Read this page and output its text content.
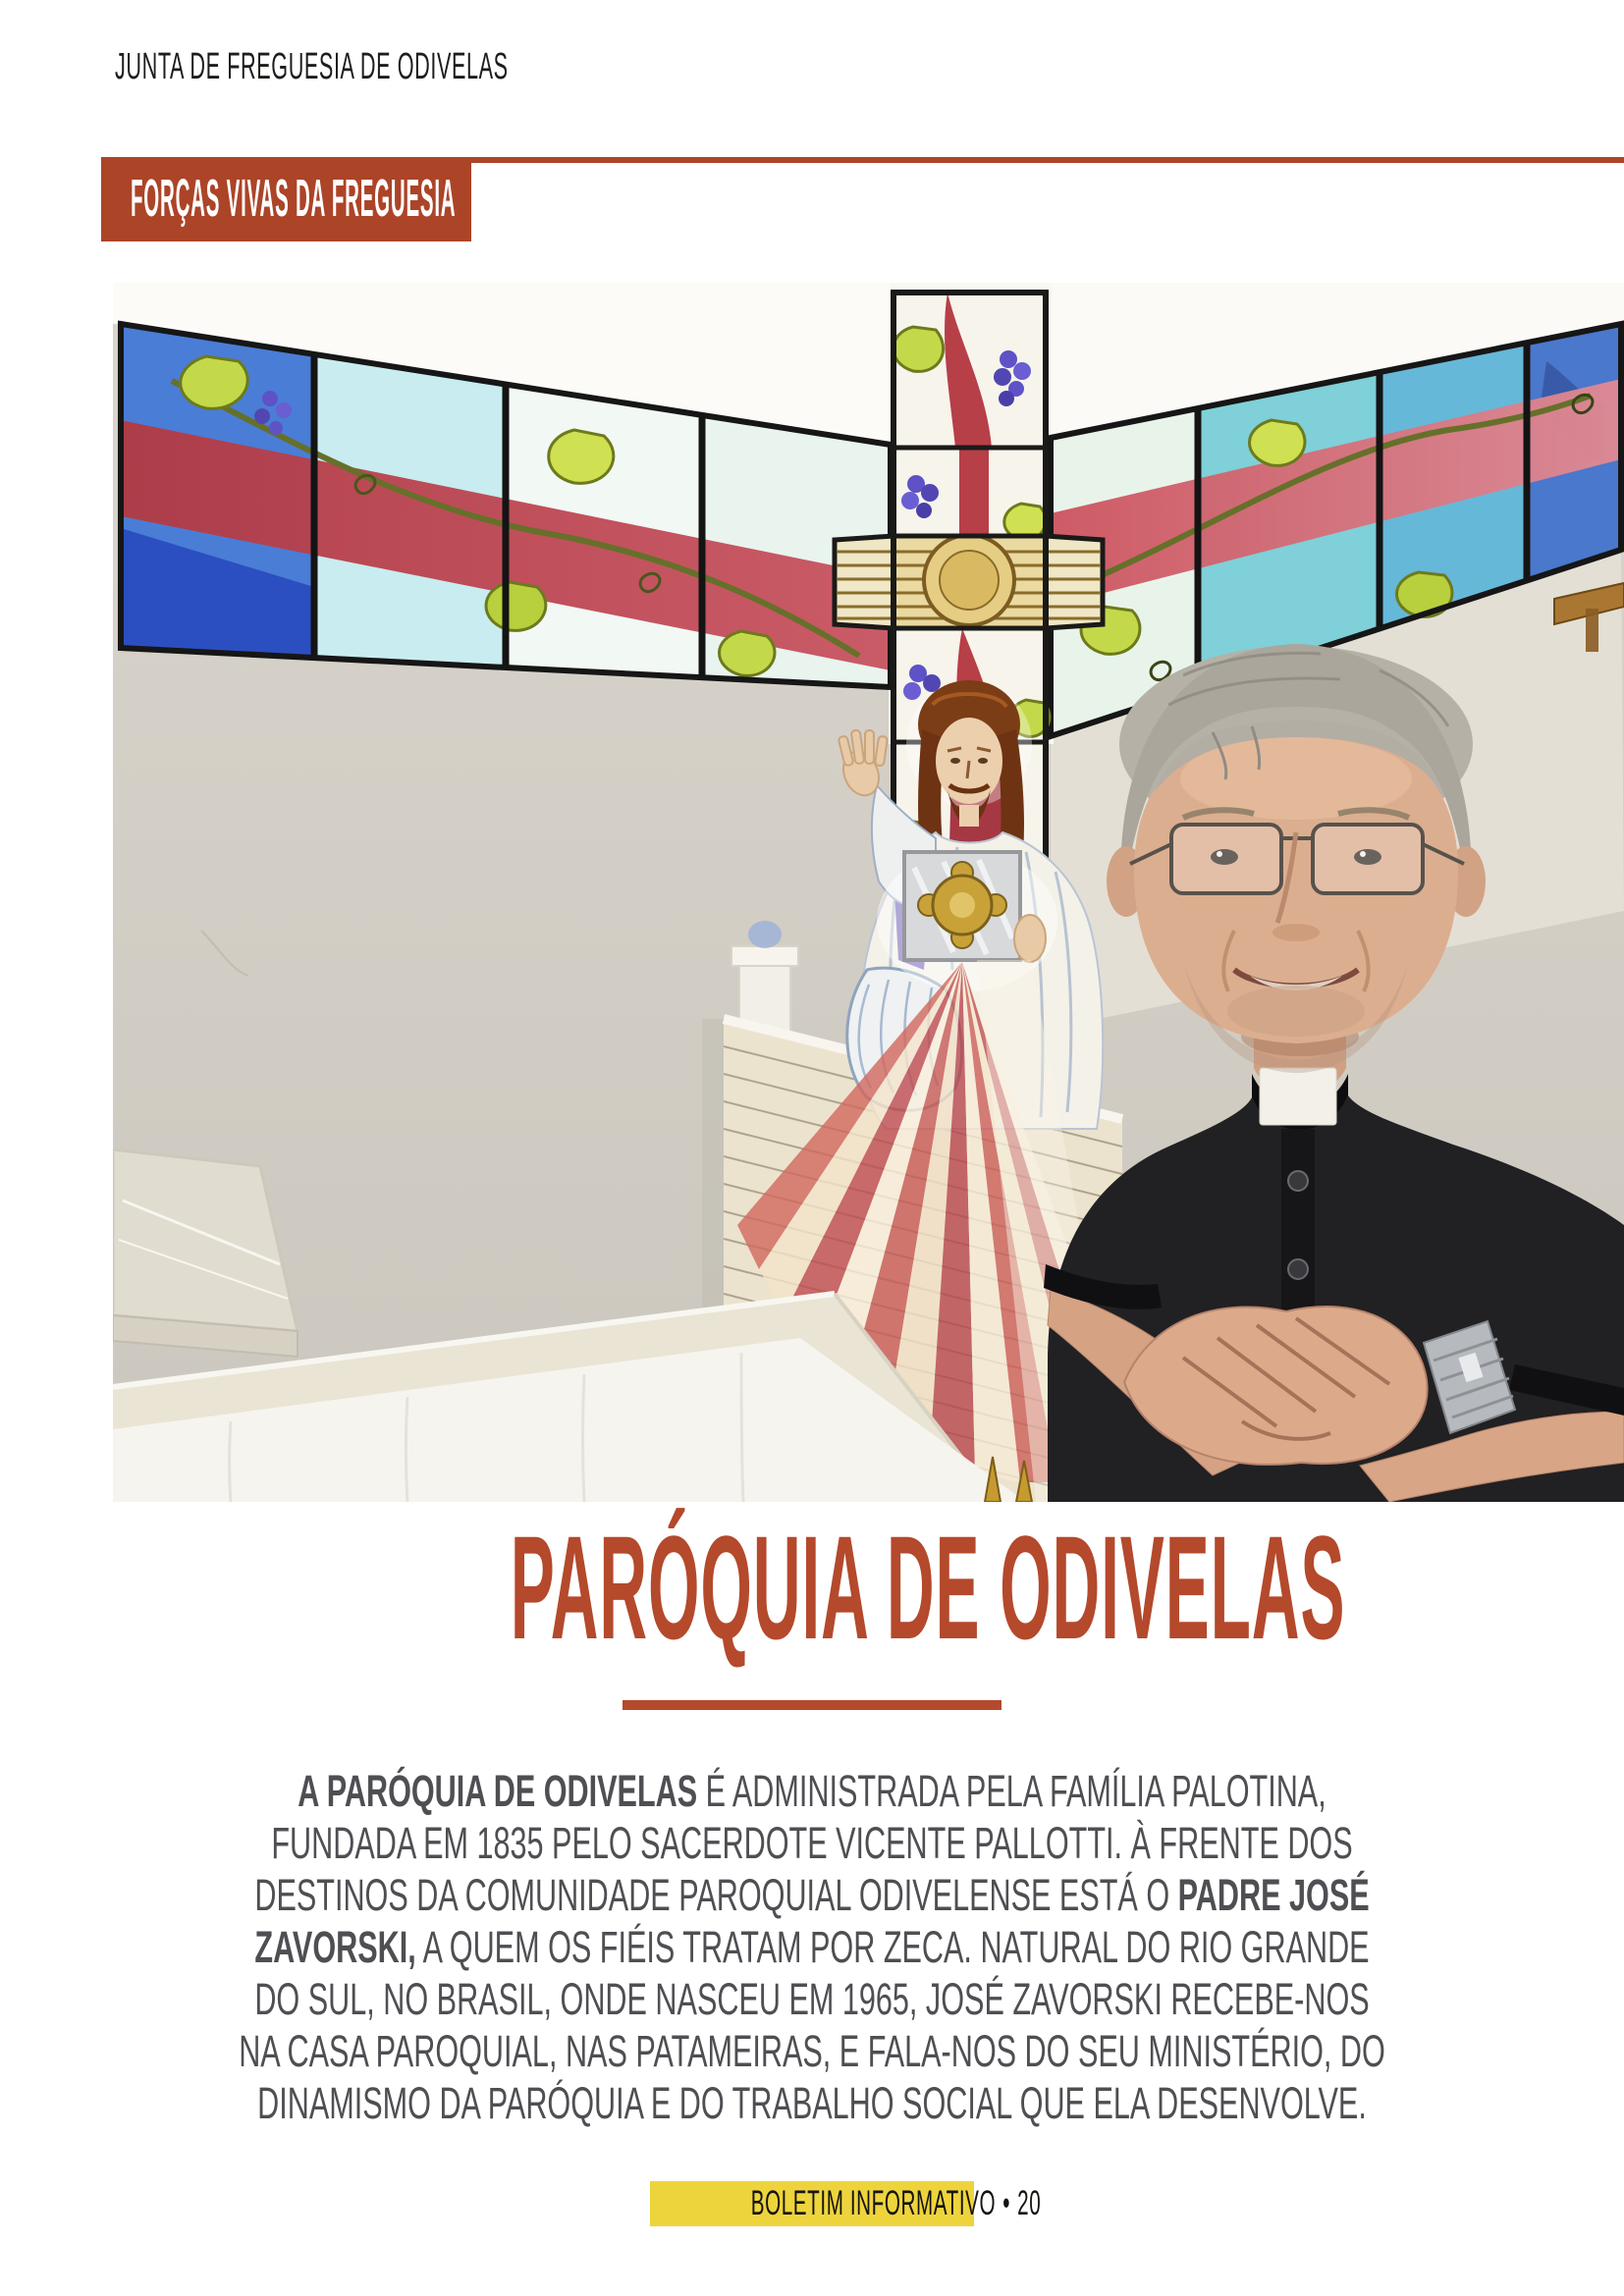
JUNTA DE FREGUESIA DE ODIVELAS
FORÇAS VIVAS DA FREGUESIA
PARÓQUIA DE ODIVELAS
A PARÓQUIA DE ODIVELAS É ADMINISTRADA PELA FAMÍLIA PALOTINA,
FUNDADA EM 1835 PELO SACERDOTE VICENTE PALLOTTI. À FRENTE DOS
DESTINOS DA COMUNIDADE PAROQUIAL ODIVELENSE ESTÁ O PADRE JOSÉ
ZAVORSKI, A QUEM OS FIÉIS TRATAM POR ZECA. NATURAL DO RIO GRANDE
DO SUL, NO BRASIL, ONDE NASCEU EM 1965, JOSÉ ZAVORSKI RECEBE-NOS
NA CASA PAROQUIAL, NAS PATAMEIRAS, E FALA-NOS DO SEU MINISTÉRIO, DO
DINAMISMO DA PARÓQUIA E DO TRABALHO SOCIAL QUE ELA DESENVOLVE.
BOLETIM INFORMATIVO • 20
